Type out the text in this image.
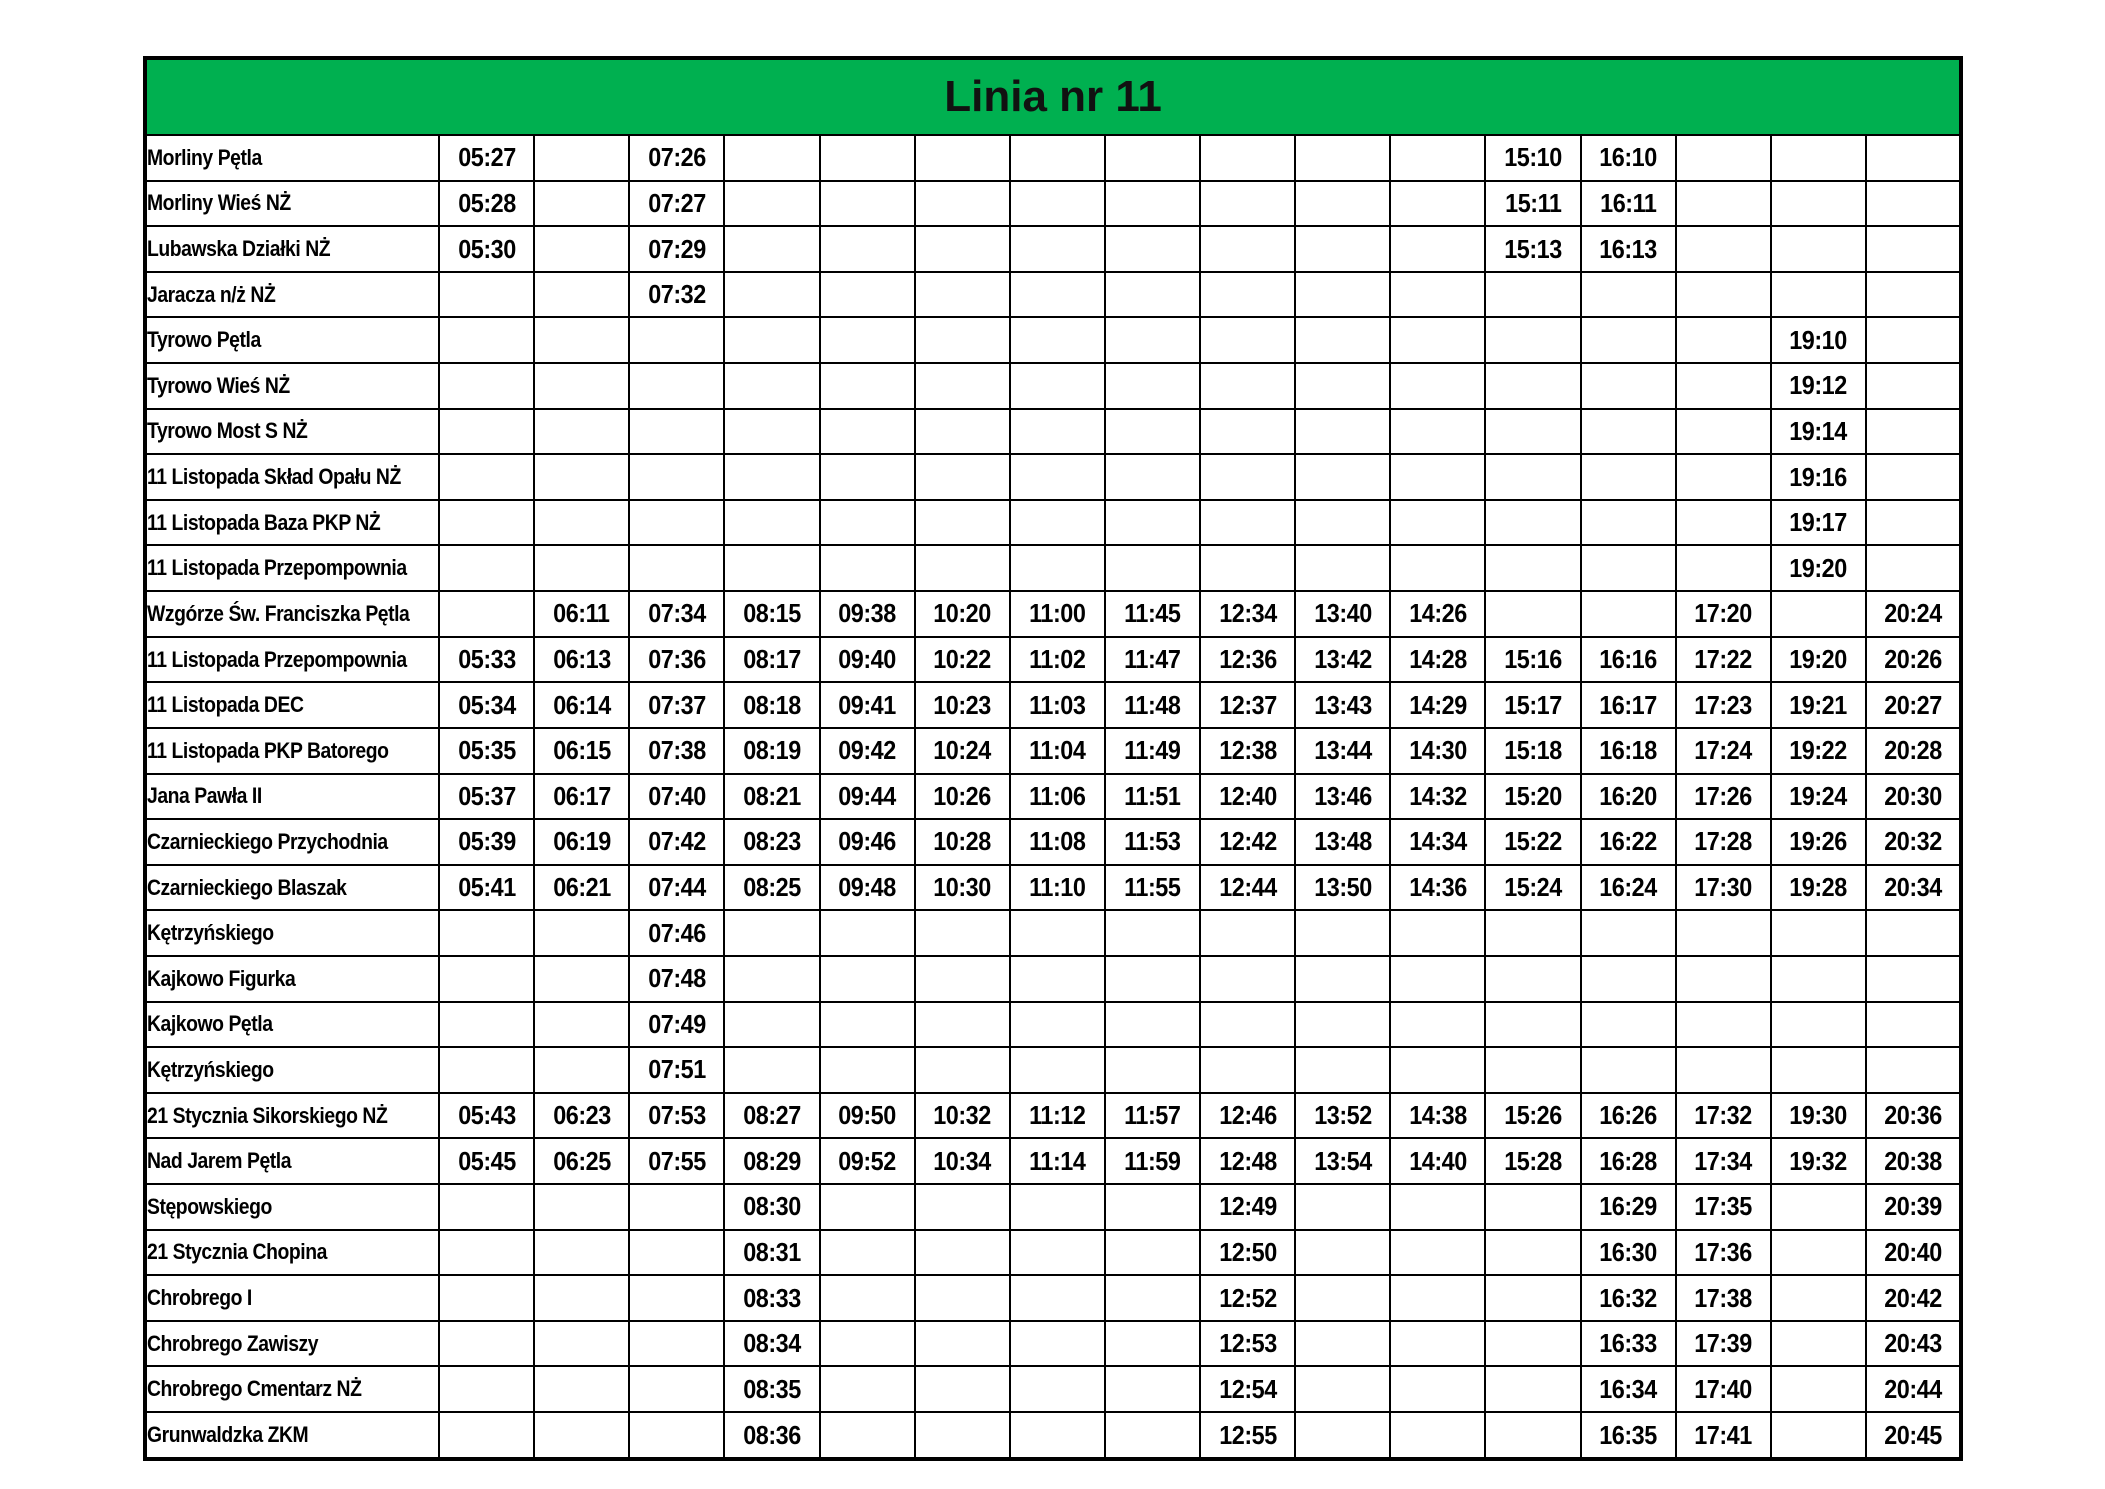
Linia nr 11																
Morliny Pętla	05:27		07:26									15:10	16:10			
Morliny Wieś NŻ	05:28		07:27									15:11	16:11			
Lubawska Działki NŻ	05:30		07:29									15:13	16:13			
Jaracza n/ż NŻ			07:32													
Tyrowo Pętla															19:10	
Tyrowo Wieś NŻ															19:12	
Tyrowo Most S NŻ															19:14	
11 Listopada Skład Opału NŻ															19:16	
11 Listopada Baza PKP NŻ															19:17	
11 Listopada Przepompownia															19:20	
Wzgórze Św. Franciszka Pętla		06:11	07:34	08:15	09:38	10:20	11:00	11:45	12:34	13:40	14:26			17:20		20:24
11 Listopada Przepompownia	05:33	06:13	07:36	08:17	09:40	10:22	11:02	11:47	12:36	13:42	14:28	15:16	16:16	17:22	19:20	20:26
11 Listopada DEC	05:34	06:14	07:37	08:18	09:41	10:23	11:03	11:48	12:37	13:43	14:29	15:17	16:17	17:23	19:21	20:27
11 Listopada PKP Batorego	05:35	06:15	07:38	08:19	09:42	10:24	11:04	11:49	12:38	13:44	14:30	15:18	16:18	17:24	19:22	20:28
Jana Pawła II	05:37	06:17	07:40	08:21	09:44	10:26	11:06	11:51	12:40	13:46	14:32	15:20	16:20	17:26	19:24	20:30
Czarnieckiego Przychodnia	05:39	06:19	07:42	08:23	09:46	10:28	11:08	11:53	12:42	13:48	14:34	15:22	16:22	17:28	19:26	20:32
Czarnieckiego Blaszak	05:41	06:21	07:44	08:25	09:48	10:30	11:10	11:55	12:44	13:50	14:36	15:24	16:24	17:30	19:28	20:34
Kętrzyńskiego			07:46													
Kajkowo Figurka			07:48													
Kajkowo Pętla			07:49													
Kętrzyńskiego			07:51													
21 Stycznia Sikorskiego NŻ	05:43	06:23	07:53	08:27	09:50	10:32	11:12	11:57	12:46	13:52	14:38	15:26	16:26	17:32	19:30	20:36
Nad Jarem Pętla	05:45	06:25	07:55	08:29	09:52	10:34	11:14	11:59	12:48	13:54	14:40	15:28	16:28	17:34	19:32	20:38
Stępowskiego				08:30					12:49				16:29	17:35		20:39
21 Stycznia Chopina				08:31					12:50				16:30	17:36		20:40
Chrobrego I				08:33					12:52				16:32	17:38		20:42
Chrobrego Zawiszy				08:34					12:53				16:33	17:39		20:43
Chrobrego Cmentarz NŻ				08:35					12:54				16:34	17:40		20:44
Grunwaldzka ZKM				08:36					12:55				16:35	17:41		20:45
